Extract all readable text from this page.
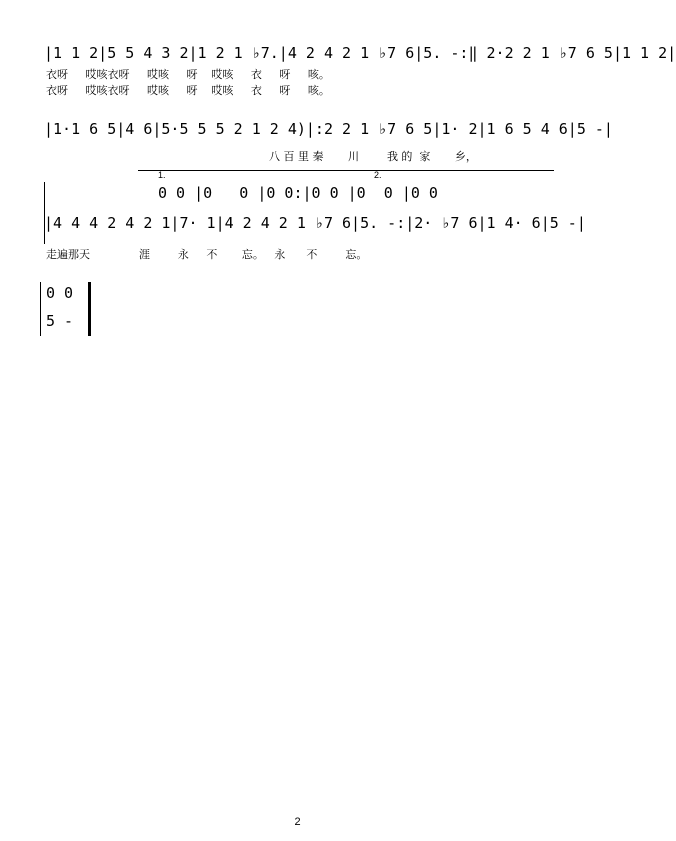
|1 1 2|5 5 4 3 2|1 2 1 ♭7.|4 2 4 2 1 ♭7 6|5. -:‖ 2·2 2 1 ♭7 6 5|1 1 2|
衣呀     哎咳衣呀     哎咳     呀    哎咳     衣     呀     咳。
衣呀     哎咳衣呀     哎咳     呀    哎咳     衣     呀     咳。
|1·1 6 5|4 6|5·5 5 5 2 1 2 4)|:2 2 1 ♭7 6 5|1· 2|1 6 5 4 6|5 -|
八 百 里 秦       川        我 的  家       乡，
1.	2.
0 0 |0   0 |0 0:|0 0 |0  0 |0 0
|4 4 4 2 4 2 1|7· 1|4 2 4 2 1 ♭7 6|5. -:|2· ♭7 6|1 4· 6|5 -|
走遍那天              涯        永     不       忘。   永      不        忘。
0 0
5 -
2
